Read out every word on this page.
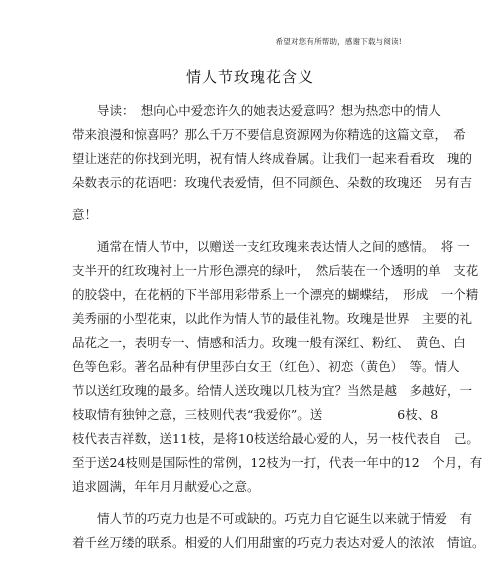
希望对您有所帮助，感谢下载与阅读!
情人节玫瑰花含义
　　导读：　想向心中爱恋许久的她表达爱意吗？想为热恋中的情人
带来浪漫和惊喜吗？那么千万不要信息资源网为你精选的这篇文章，　希
望让迷茫的你找到光明，祝有情人终成眷属。让我们一起来看看玫　瑰的
朵数表示的花语吧：玫瑰代表爱情，但不同颜色、朵数的玫瑰还　另有吉
意！
　　通常在情人节中，以赠送一支红玫瑰来表达情人之间的感情。　将 一
支半开的红玫瑰衬上一片形色漂亮的绿叶，　然后装在一个透明的单　支花
的胶袋中，在花柄的下半部用彩带系上一个漂亮的蝴蝶结，　形成　一个精
美秀丽的小型花束，以此作为情人节的最佳礼物。玫瑰是世界　主要的礼
品花之一，表明专一、情感和活力。玫瑰一般有深红、粉红、　黄色、白
色等色彩。著名品种有伊里莎白女王（红色）、初恋（黄色）　等。情人
节以送红玫瑰的最多。给情人送玫瑰以几枝为宜？当然是越　多越好，一
枝取情有独钟之意，三枝则代表“我爱你”。送　　　　　　6枝、8
枝代表吉祥数，送11枝，是将10枝送给最心爱的人，另一枝代表自　己。
至于送24枝则是国际性的常例，12枝为一打，代表一年中的12　个月，有
追求圆满，年年月月献爱心之意。
　　情人节的巧克力也是不可或缺的。巧克力自它诞生以来就于情爱　有
着千丝万缕的联系。相爱的人们用甜蜜的巧克力表达对爱人的浓浓　情谊。
